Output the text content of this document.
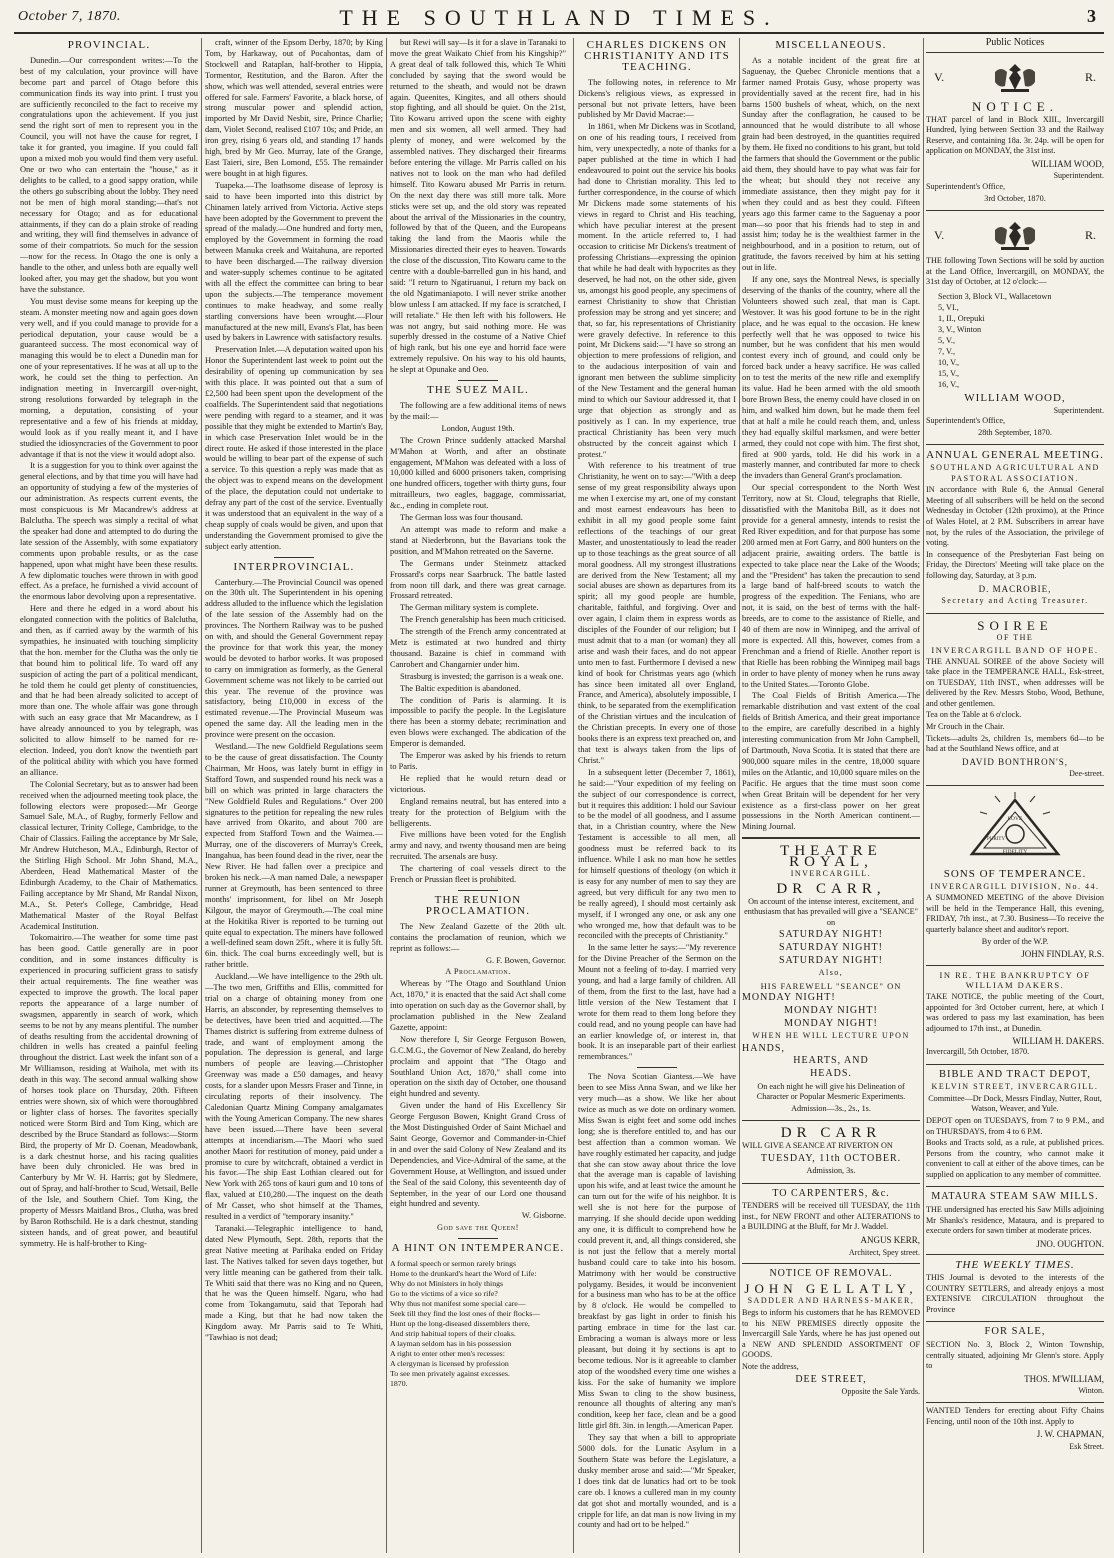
October 7, 1870.	THE SOUTHLAND TIMES.	3
PROVINCIAL.

Dunedin.—Our correspondent writes:—To the best of my calculation, your province will have become part and parcel of Otago before this communication finds its way into print. I trust you are sufficiently reconciled to the fact to receive my congratulations upon the achievement. If you just send the right sort of men to represent you in the Council, you will not have the cause for regret, I take it for granted, you imagine. If you could fall upon a mixed mob you would find them very useful. One or two who can entertain the "house," as it delights to be called, to a good sappy oration, while the others go subscribing about the lobby. They need not be men of high moral standing;—that's not necessary for Otago; and as for educational attainments, if they can do a plain stroke of reading and writing, they will find themselves in advance of some of their compatriots. So much for the session—now for the recess. In Otago the one is only a handle to the other, and unless both are equally well looked after, you may get the shadow, but you wont have the substance.

You must devise some means for keeping up the steam. A monster meeting now and again goes down very well, and if you could manage to provide for a periodical deputation, your cause would be a guaranteed success. The most economical way of managing this would be to elect a Dunedin man for one of your representatives. If he was at all up to the work, he could set the thing to perfection. An indignation meeting in Invercargill over-night, strong resolutions forwarded by telegraph in the morning, a deputation, consisting of your representative and a few of his friends at midday, would look as if you really meant it, and I have studied the idiosyncracies of the Government to poor advantage if that is not the view it would adopt also.

It is a suggestion for you to think over against the general elections, and by that time you will have had an opportunity of studying a few of the mysteries of our administration. As respects current events, the most conspicuous is Mr Macandrew's address at Balclutha. The speech was simply a recital of what the speaker had done and attempted to do during the late session of the Assembly, with some expatiatory comments upon probable results, or as the case happened, upon what might have been these results. A few diplomatic touches were thrown in with good effect. As a preface, he furnished a vivid account of the enormous labor devolving upon a representative.

Here and there he edged in a word about his elongated connection with the politics of Balclutha, and then, as if carried away by the warmth of his sympathies, he insinuated with touching simplicity that the hon. member for the Clutha was the only tie that bound him to political life. To ward off any suspicion of acting the part of a political mendicant, he told them he could get plenty of constituencies, and that he had been already solicited to accept of more than one. The whole affair was gone through with such an easy grace that Mr Macandrew, as I have already announced to you by telegraph, was solicited to allow himself to be named for re-election. Indeed, you don't know the twentieth part of the political ability with which you have formed an alliance.

The Colonial Secretary, but as to answer had been received when the adjourned meeting took place, the following electors were proposed:—Mr George Samuel Sale, M.A., of Rugby, formerly Fellow and classical lecturer, Trinity College, Cambridge, to the Chair of Classics. Failing the acceptance by Mr Sale, Mr Andrew Hutcheson, M.A., Edinburgh, Rector of the Stirling High School. Mr John Shand, M.A., Aberdeen, Head Mathematical Master of the Edinburgh Academy, to the Chair of Mathematics. Failing acceptance by Mr Shand, Mr Randal Nixon, M.A., St. Peter's College, Cambridge, Head Mathematical Master of the Royal Belfast Academical Institution.

Tokomairiro.—The weather for some time past has been good. Cattle generally are in poor condition, and in some instances difficulty is experienced in procuring sufficient grass to satisfy their actual requirements. The fine weather was expected to improve the growth. The local paper reports the appearance of a large number of swagsmen, apparently in search of work, which seems to be not by any means plentiful. The number of deaths resulting from the accidental drowning of children in wells has created a painful feeling throughout the district. Last week the infant son of a Mr Williamson, residing at Waihola, met with its death in this way. The second annual walking show of horses took place on Thursday, 20th. Fifteen entries were shown, six of which were thoroughbred or lighter class of horses. The favorites specially noticed were Storm Bird and Tom King, which are described by the Bruce Standard as follows:—Storm Bird, the property of Mr D. Coenan, Meadowbank, is a dark chestnut horse, and his racing qualities have been duly chronicled. He was bred in Canterbury by Mr W. H. Harris; got by Sledmere, out of Spray, and half-brother to Scud, Wetsail, Belle of the Isle, and Southern Chief. Tom King, the property of Messrs Maitland Bros., Clutha, was bred by Baron Rothschild. He is a dark chestnut, standing sixteen hands, and of great power, and beautiful symmetry. He is half-brother to King-

craft, winner of the Epsom Derby, 1870; by King Tom, by Harkaway, out of Pocahontas, dam of Stockwell and Rataplan, half-brother to Hippia, Tormentor, Restitution, and the Baron. After the show, which was well attended, several entries were offered for sale. Farmers' Favorite, a black horse, of strong muscular power and splendid action, imported by Mr David Nesbit, sire, Prince Charlie; dam, Violet Second, realised £107 10s; and Pride, an iron grey, rising 6 years old, and standing 17 hands high, bred by Mr Geo. Murray, late of the Grange, East Taieri, sire, Ben Lomond, £55. The remainder were bought in at high figures.

Tuapeka.—The loathsome disease of leprosy is said to have been imported into this district by Chinamen lately arrived from Victoria. Active steps have been adopted by the Government to prevent the spread of the malady.—One hundred and forty men, employed by the Government in forming the road between Manuka creek and Waitahuna, are reported to have been discharged.—The railway diversion and water-supply schemes continue to be agitated with all the effect the committee can bring to bear upon the subjects.—The temperance movement continues to make headway, and some really startling conversions have been wrought.—Flour manufactured at the new mill, Evans's Flat, has been used by bakers in Lawrence with satisfactory results.

Preservation Inlet.—A deputation waited upon his Honor the Superintendent last week to point out the desirability of opening up communication by sea with this place. It was pointed out that a sum of £2,500 had been spent upon the development of the coalfields. The Superintendent said that negotiations were pending with regard to a steamer, and it was possible that they might be extended to Martin's Bay, in which case Preservation Inlet would be in the direct route. He asked if those interested in the place would be willing to bear part of the expense of such a service. To this question a reply was made that as the object was to expend means on the development of the place, the deputation could not undertake to defray any part of the cost of the service. Eventually it was understood that an equivalent in the way of a cheap supply of coals would be given, and upon that understanding the Government promised to give the subject early attention.

INTERPROVINCIAL.

Canterbury.—The Provincial Council was opened on the 30th ult. The Superintendent in his opening address alluded to the influence which the legislation of the late session of the Assembly had on the provinces. The Northern Railway was to be pushed on with, and should the General Government repay the province for that work this year, the money would be devoted to harbor works. It was proposed to carry on immigration as formerly, as the General Government scheme was not likely to be carried out this year. The revenue of the province was satisfactory, being £10,000 in excess of the estimated revenue.—The Provincial Museum was opened the same day. All the leading men in the province were present on the occasion.

Westland.—The new Goldfield Regulations seem to be the cause of great dissatisfaction. The County Chairman, Mr Hoos, was lately burnt in effigy in Stafford Town, and suspended round his neck was a bill on which was printed in large characters the "New Goldfield Rules and Regulations." Over 200 signatures to the petition for repealing the new rules have arrived from Okarito, and about 700 are expected from Stafford Town and the Waimea.—Murray, one of the discoverers of Murray's Creek, Inangahua, has been found dead in the river, near the New River. He had fallen over a precipice and broken his neck.—A man named Dale, a newspaper runner at Greymouth, has been sentenced to three months' imprisonment, for libel on Mr Joseph Kilgour, the mayor of Greymouth.—The coal mine at the Hokitika River is reported to be turning out quite equal to expectation. The miners have followed a well-defined seam down 25ft., where it is fully 5ft. 6in. thick. The coal burns exceedingly well, but is rather brittle.

Auckland.—We have intelligence to the 29th ult.—The two men, Griffiths and Ellis, committed for trial on a charge of obtaining money from one Harris, an absconder, by representing themselves to be detectives, have been tried and acquitted.—The Thames district is suffering from extreme dulness of trade, and want of employment among the population. The depression is general, and large numbers of people are leaving.—Christopher Greenway was made a £50 damages, and heavy costs, for a slander upon Messrs Fraser and Tinne, in circulating reports of their insolvency. The Caledonian Quartz Mining Company amalgamates with the Young American Company. The new shares have been issued.—There have been several attempts at incendiarism.—The Maori who sued another Maori for restitution of money, paid under a promise to cure by witchcraft, obtained a verdict in his favor.—The ship East Lothian cleared out for New York with 265 tons of kauri gum and 10 tons of flax, valued at £10,280.—The inquest on the death of Mr Casset, who shot himself at the Thames, resulted in a verdict of "temporary insanity."

Taranaki.—Telegraphic intelligence to hand, dated New Plymouth, Sept. 28th, reports that the great Native meeting at Parihaka ended on Friday last. The Natives talked for seven days together, but very little meaning can be gathered from their talk. Te Whiti said that there was no King and no Queen, that he was the Queen himself. Ngaru, who had come from Tokangamutu, said that Teporah had made a King, but that he had now taken the Kingdom away. Mr Parris said to Te Whiti, "Tawhiao is not dead;

but Rewi will say—Is it for a slave in Taranaki to move the great Waikato Chief from his Kingship?" A great deal of talk followed this, which Te Whiti concluded by saying that the sword would be returned to the sheath, and would not be drawn again. Queenites, Kingites, and all others should stop fighting, and all should be quiet. On the 21st, Tito Kowaru arrived upon the scene with eighty men and six women, all well armed. They had plenty of money, and were welcomed by the assembled natives. They discharged their firearms before entering the village. Mr Parris called on his natives not to look on the man who had defiled himself. Tito Kowaru abused Mr Parris in return. On the next day there was still more talk. More sticks were set up, and the old story was repeated about the arrival of the Missionaries in the country, followed by that of the Queen, and the Europeans taking the land from the Maoris while the Missionaries directed their eyes to heaven. Towards the close of the discussion, Tito Kowaru came to the centre with a double-barrelled gun in his hand, and said: "I return to Ngatiruanui, I return my back on the old Ngatimaniapoto. I will never strike another blow unless I am attacked. If my face is scratched, I will retaliate." He then left with his followers. He was not angry, but said nothing more. He was superbly dressed in the costume of a Native Chief of high rank, but his one eye and horrid face were extremely repulsive. On his way to his old haunts, he slept at Opunake and Oeo.

THE SUEZ MAIL.

The following are a few additional items of news by the mail:—

London, August 19th.

The Crown Prince suddenly attacked Marshal M'Mahon at Worth, and after an obstinate engagement, M'Mahon was defeated with a loss of 10,000 killed and 6000 prisoners taken, comprising one hundred officers, together with thirty guns, four mitrailleurs, two eagles, baggage, commissariat, &c., ending in complete rout.

The German loss was four thousand.

An attempt was made to reform and make a stand at Niederbronn, but the Bavarians took the position, and M'Mahon retreated on the Saverne.

The Germans under Steinmetz attacked Frossard's corps near Saarbruck. The battle lasted from noon till dark, and there was great carnage. Frossard retreated.

The German military system is complete.

The French generalship has been much criticised.

The strength of the French army concentrated at Metz is estimated at two hundred and thirty thousand. Bazaine is chief in command with Canrobert and Changarnier under him.

Strasburg is invested; the garrison is a weak one.

The Baltic expedition is abandoned.

The condition of Paris is alarming. It is impossible to pacify the people. In the Legislature there has been a stormy debate; recrimination and even blows were exchanged. The abdication of the Emperor is demanded.

The Emperor was asked by his friends to return to Paris.

He replied that he would return dead or victorious.

England remains neutral, but has entered into a treaty for the protection of Belgium with the belligerents.

Five millions have been voted for the English army and navy, and twenty thousand men are being recruited. The arsenals are busy.

The chartering of coal vessels direct to the French or Prussian fleet is prohibited.

THE REUNION PROCLAMATION.

The New Zealand Gazette of the 20th ult. contains the proclamation of reunion, which we reprint as follows:—

G. F. Bowen, Governor.

A Proclamation.

Whereas by "The Otago and Southland Union Act, 1870," it is enacted that the said Act shall come into operation on such day as the Governor shall, by proclamation published in the New Zealand Gazette, appoint:

Now therefore I, Sir George Ferguson Bowen, G.C.M.G., the Governor of New Zealand, do hereby proclaim and appoint that "The Otago and Southland Union Act, 1870," shall come into operation on the sixth day of October, one thousand eight hundred and seventy.

Given under the hand of His Excellency Sir George Ferguson Bowen, Knight Grand Cross of the Most Distinguished Order of Saint Michael and Saint George, Governor and Commander-in-Chief in and over the said Colony of New Zealand and its Dependencies, and Vice-Admiral of the same, at the Government House, at Wellington, and issued under the Seal of the said Colony, this seventeenth day of September, in the year of our Lord one thousand eight hundred and seventy.

W. Gisborne.

God save the Queen!

A HINT ON INTEMPERANCE.
A formal speech or sermon rarely brings
Home to the drunkard's heart the Word of Life:
Why do not Ministers in holy things
Go to the victims of a vice so rife?
Why thus not manifest some special care—
Seek till they find the lost ones of their flocks—
Hunt up the long-diseased dissemblers there,
And strip habitual topers of their cloaks.
A layman seldom has in his possession
A right to enter other men's recesses:
A clergyman is licensed by profession
To see men privately against excesses.
1870.
CHARLES DICKENS ON CHRISTIANITY AND ITS TEACHING.

The following notes, in reference to Mr Dickens's religious views, as expressed in personal but not private letters, have been published by Mr David Macrae:—

In 1861, when Mr Dickens was in Scotland, on one of his reading tours, I received from him, very unexpectedly, a note of thanks for a paper published at the time in which I had endeavoured to point out the service his books had done to Christian morality. This led to further correspondence, in the course of which Mr Dickens made some statements of his views in regard to Christ and His teaching, which have peculiar interest at the present moment. In the article referred to, I had occasion to criticise Mr Dickens's treatment of professing Christians—expressing the opinion that while he had dealt with hypocrites as they deserved, he had not, on the other side, given us, amongst his good people, any specimens of earnest Christianity to show that Christian profession may be strong and yet sincere; and that, so far, his representations of Christianity were gravely defective. In reference to this point, Mr Dickens said:—"I have so strong an objection to mere professions of religion, and to the audacious interposition of vain and ignorant men between the sublime simplicity of the New Testament and the general human mind to which our Saviour addressed it, that I urge that objection as strongly and as positively as I can. In my experience, true practical Christianity has been very much obstructed by the conceit against which I protest."

With reference to his treatment of true Christianity, he went on to say:—"With a deep sense of my great responsibility always upon me when I exercise my art, one of my constant and most earnest endeavours has been to exhibit in all my good people some faint reflections of the teachings of our great Master, and unostentatiously to lead the reader up to those teachings as the great source of all moral goodness. All my strongest illustrations are derived from the New Testament; all my social abuses are shown as departures from its spirit; all my good people are humble, charitable, faithful, and forgiving. Over and over again, I claim them in express words as disciples of the Founder of our religion; but I must admit that to a man (or woman) they all arise and wash their faces, and do not appear unto men to fast. Furthermore I devised a new kind of book for Christmas years ago (which has since been imitated all over England, France, and America), absolutely impossible, I think, to be separated from the exemplification of the Christian virtues and the inculcation of the Christian precepts. In every one of those books there is an express text preached on, and that text is always taken from the lips of Christ."

In a subsequent letter (December 7, 1861), he said:—"Your expedition of my feeling on the subject of our correspondence is correct, but it requires this addition: I hold our Saviour to be the model of all goodness, and I assume that, in a Christian country, where the New Testament is accessible to all men, all goodness must be referred back to its influence. While I ask no man how he settles for himself questions of theology (on which it is easy for any number of men to say they are agreed, but very difficult for any two men to be really agreed), I should most certainly ask myself, if I wronged any one, or ask any one who wronged me, how that default was to be reconciled with the precepts of Christianity."

In the same letter he says:—"My reverence for the Divine Preacher of the Sermon on the Mount not a feeling of to-day. I married very young, and had a large family of children. All of them, from the first to the last, have had a little version of the New Testament that I wrote for them read to them long before they could read, and no young people can have had an earlier knowledge of, or interest in, that book. It is an inseparable part of their earliest remembrances."

The Nova Scotian Giantess.—We have been to see Miss Anna Swan, and we like her very much—as a show. We like her about twice as much as we dote on ordinary women. Miss Swan is eight feet and some odd inches long; she is therefore entitled to, and has our best affection than a common woman. We have roughly estimated her capacity, and judge that she can stow away about thrice the love that the average man is capable of lavishing upon his wife, and at least twice the amount he can turn out for the wife of his neighbor. It is well she is not here for the purpose of marrying. If she should decide upon wedding any one, it is difficult to comprehend how he could prevent it, and, all things considered, she is not just the fellow that a merely mortal husband could care to take into his bosom. Matrimony with her would be constructive polygamy. Besides, it would be inconvenient for a business man who has to be at the office by 8 o'clock. He would be compelled to breakfast by gas light in order to finish his parting embrace in time for the last car. Embracing a woman is always more or less pleasant, but doing it by sections is apt to become tedious. Nor is it agreeable to clamber atop of the woodshed every time one wishes a kiss. For the sake of humanity we implore Miss Swan to cling to the show business, renounce all thoughts of altering any man's condition, keep her face, clean and be a good little girl 8ft. 3in. in length.—American Paper.

They say that when a bill to appropriate 5000 dols. for the Lunatic Asylum in a Southern State was before the Legislature, a dusky member arose and said:—"Mr Speaker, I does tink dat de lunatics had ort to be took care ob. I knows a cullered man in my county dat got shot and mortally wounded, and is a cripple for life, an dat man is now living in my county and had ort to be helped."

MISCELLANEOUS.

As a notable incident of the great fire at Saguenay, the Quebec Chronicle mentions that a farmer named Protais Gusy, whose property was providentially saved at the recent fire, had in his barns 1500 bushels of wheat, which, on the next Sunday after the conflagration, he caused to be announced that he would distribute to all whose grain had been destroyed, in the quantities required by them. He fixed no conditions to his grant, but told the farmers that should the Government or the public aid them, they should have to pay what was fair for the wheat; but should they not receive any immediate assistance, then they might pay for it when they could and as best they could. Fifteen years ago this farmer came to the Saguenay a poor man—so poor that his friends had to step in and assist him; today he is the wealthiest farmer in the neighbourhood, and in a position to return, out of gratitude, the favors received by him at his setting out in life.

If any one, says the Montreal News, is specially deserving of the thanks of the country, where all the Volunteers showed such zeal, that man is Capt. Westover. It was his good fortune to be in the right place, and he was equal to the occasion. He knew perfectly well that he was opposed to twice his number, but he was confident that his men would contest every inch of ground, and could only be forced back under a heavy sacrifice. He was called on to test the merits of the new rifle and exemplify its value. Had he been armed with the old smooth bore Brown Bess, the enemy could have closed in on him, and walked him down, but he made them feel that at half a mile he could reach them, and, unless they had equally skilful marksmen, and were better armed, they could not cope with him. The first shot, fired at 900 yards, told. He did his work in a masterly manner, and contributed far more to check the invaders than General Grant's proclamation.

Our special correspondent to the North West Territory, now at St. Cloud, telegraphs that Rielle, dissatisfied with the Manitoba Bill, as it does not provide for a general amnesty, intends to resist the Red River expedition, and for that purpose has some 200 armed men at Fort Garry, and 800 hunters on the adjacent prairie, awaiting orders. The battle is expected to take place near the Lake of the Woods; and the "President" has taken the precaution to send a large band of half-breed scouts to watch the progress of the expedition. The Fenians, who are not, it is said, on the best of terms with the half-breeds, are to come to the assistance of Rielle, and 40 of them are now in Winnipeg, and the arrival of more is expected. All this, however, comes from a Frenchman and a friend of Rielle. Another report is that Rielle has been robbing the Winnipeg mail bags in order to have plenty of money when he runs away to the United States.—Toronto Globe.

The Coal Fields of British America.—The remarkable distribution and vast extent of the coal fields of British America, and their great importance to the empire, are carefully described in a highly interesting communication from Mr John Campbell, of Dartmouth, Nova Scotia. It is stated that there are 900,000 square miles in the centre, 18,000 square miles on the Atlantic, and 10,000 square miles on the Pacific. He argues that the time must soon come when Great Britain will be dependent for her very existence as a first-class power on her great possessions in the North American continent.—Mining Journal.

THEATRE ROYAL,
INVERCARGILL.
DR CARR,

On account of the intense interest, excitement, and enthusiasm that has prevailed will give a "SEANCE" on

SATURDAY NIGHT!
SATURDAY NIGHT!
SATURDAY NIGHT!
Also,
HIS FAREWELL "SEANCE" ON
MONDAY NIGHT!
MONDAY NIGHT!
MONDAY NIGHT!
WHEN HE WILL LECTURE UPON
HANDS,
HEARTS, AND
HEADS.

On each night he will give his Delineation of Character or Popular Mesmeric Experiments.

Admission—3s., 2s., 1s.

DR CARR

WILL GIVE A SEANCE AT RIVERTON ON

TUESDAY, 11th OCTOBER.

Admission, 3s.

TO CARPENTERS, &c.

TENDERS will be received till TUESDAY, the 11th inst., for NEW FRONT and other ALTERATIONS to a BUILDING at the Bluff, for Mr J. Waddel.

ANGUS KERR,
Architect, Spey street.
NOTICE OF REMOVAL.
JOHN GELLATLY,
SADDLER AND HARNESS-MAKER,

Begs to inform his customers that he has REMOVED to his NEW PREMISES directly opposite the Invercargill Sale Yards, where he has just opened out a NEW AND SPLENDID ASSORTMENT OF GOODS.

Note the address,

DEE STREET,
Opposite the Sale Yards.
Public Notices
V.	R.
NOTICE.

THAT parcel of land in Block XIII., Invercargill Hundred, lying between Section 33 and the Railway Reserve, and containing 18a. 3r. 24p. will be open for application on MONDAY, the 31st inst.

WILLIAM WOOD,
Superintendent.

Superintendent's Office,

3rd October, 1870.

V.	R.

THE following Town Sections will be sold by auction at the Land Office, Invercargill, on MONDAY, the 31st day of October, at 12 o'clock:—

Section 3, Block VI., Wallacetown
5, VI.,
1, II., Orepuki
3, V., Winton
5, V.,
7, V.,
10, V.,
15, V.,
16, V.,
WILLIAM WOOD,
Superintendent.

Superintendent's Office,

28th September, 1870.

ANNUAL GENERAL MEETING.
SOUTHLAND AGRICULTURAL AND PASTORAL ASSOCIATION.

IN accordance with Rule 6, the Annual General Meeting of all subscribers will be held on the second Wednesday in October (12th proximo), at the Prince of Wales Hotel, at 2 P.M. Subscribers in arrear have not, by the rules of the Association, the privilege of voting.

In consequence of the Presbyterian Fast being on Friday, the Directors' Meeting will take place on the following day, Saturday, at 3 p.m.

D. MACROBIE,
Secretary and Acting Treasurer.
SOIREE
OF THE
INVERCARGILL BAND OF HOPE.

THE ANNUAL SOIREE of the above Society will take place in the TEMPERANCE HALL, Esk-street, on TUESDAY, 11th INST., when addresses will be delivered by the Rev. Messrs Stobo, Wood, Bethune, and other gentlemen.

Tea on the Table at 6 o'clock.

Mr Crouch in the Chair.

Tickets—adults 2s, children 1s, members 6d—to be had at the Southland News office, and at

DAVID BONTHRON'S,
Dee-street.
LOVE
PURITY
FIDELITY
SONS OF TEMPERANCE.
INVERCARGILL DIVISION, No. 44.

A SUMMONED MEETING of the above Division will be held in the Temperance Hall, this evening, FRIDAY, 7th inst., at 7.30. Business—To receive the quarterly balance sheet and auditor's report.

By order of the W.P.

JOHN FINDLAY, R.S.
IN RE. THE BANKRUPTCY OF WILLIAM DAKERS.

TAKE NOTICE, the public meeting of the Court, appointed for 3rd October current, here, at which I was ordered to pass my last examination, has been adjourned to 17th inst., at Dunedin.

WILLIAM H. DAKERS.

Invercargill, 5th October, 1870.

BIBLE AND TRACT DEPOT,
KELVIN STREET, INVERCARGILL.

Committee—Dr Dock, Messrs Findlay, Nutter, Rout, Watson, Weaver, and Yule.

DEPOT open on TUESDAYS, from 7 to 9 P.M., and on THURSDAYS, from 4 to 6 P.M.

Books and Tracts sold, as a rule, at published prices. Persons from the country, who cannot make it convenient to call at either of the above times, can be supplied on application to any member of committee.

MATAURA STEAM SAW MILLS.

THE undersigned has erected his Saw Mills adjoining Mr Shanks's residence, Mataura, and is prepared to execute orders for sawn timber at moderate prices.

JNO. OUGHTON.
THE WEEKLY TIMES.

THIS Journal is devoted to the interests of the COUNTRY SETTLERS, and already enjoys a most EXTENSIVE CIRCULATION throughout the Province

FOR SALE,

SECTION No. 3, Block 2, Winton Township, centrally situated, adjoining Mr Glenn's store. Apply to

THOS. M'WILLIAM,
Winton.

WANTED Tenders for erecting about Fifty Chains Fencing, until noon of the 10th inst. Apply to

J. W. CHAPMAN,
Esk Street.
